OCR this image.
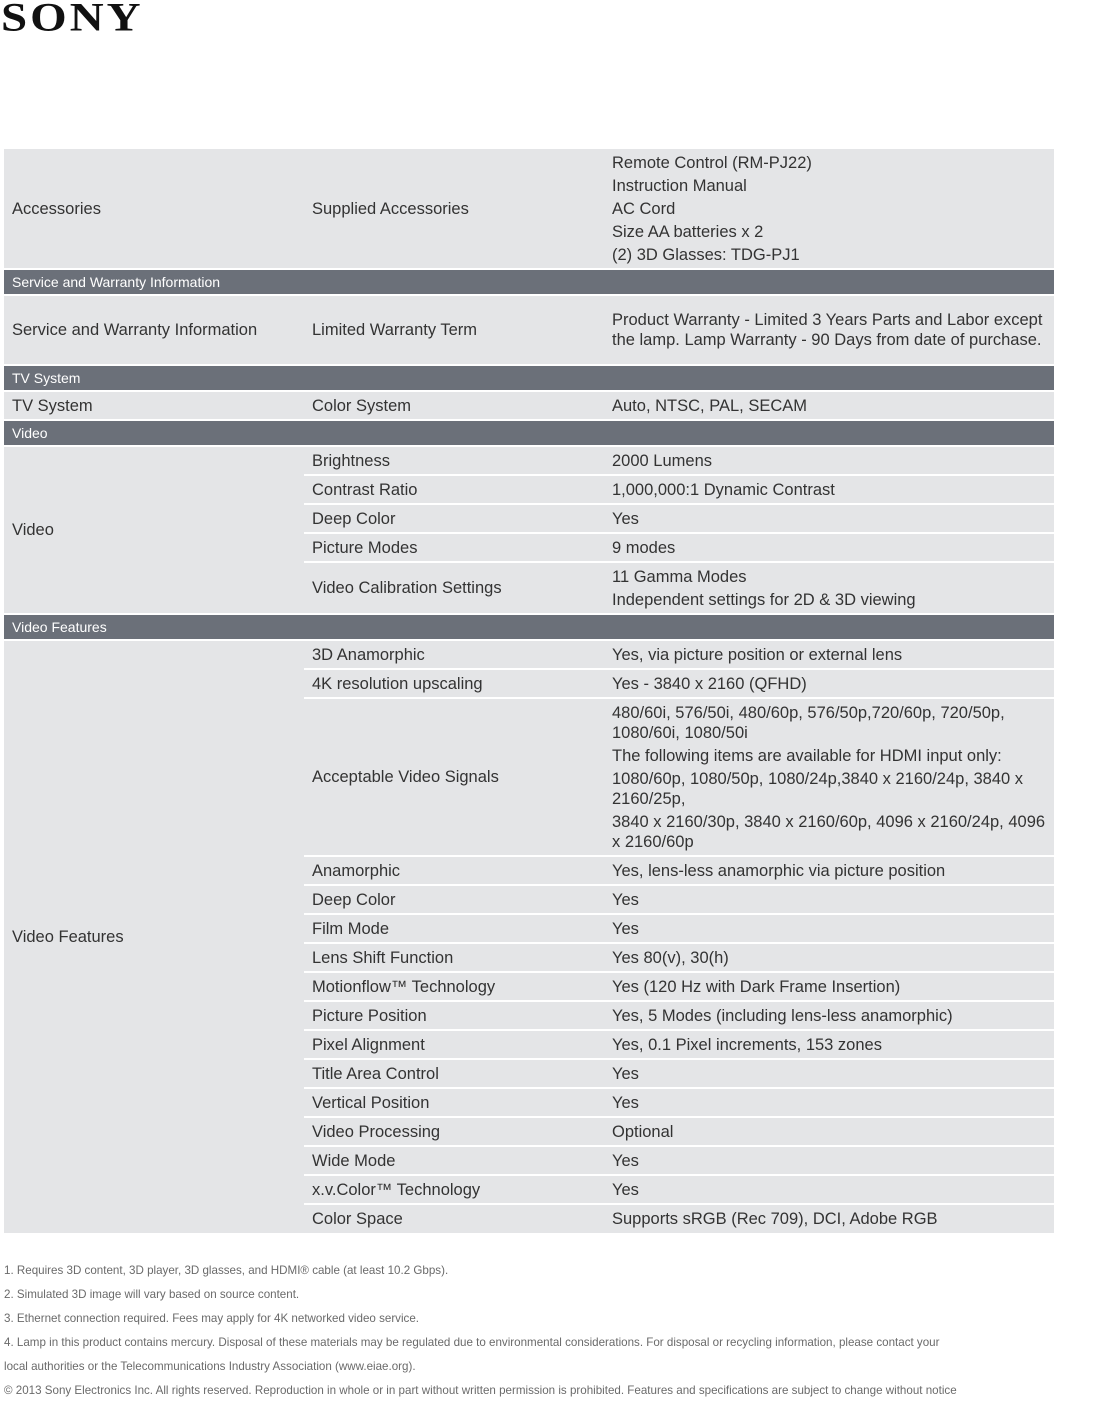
SONY
Accessories	Supplied Accessories	Remote Control (RM-PJ22)
Instruction Manual
AC Cord
Size AA batteries x 2
(2) 3D Glasses: TDG-PJ1

Service and Warranty Information		
Service and Warranty Information	Limited Warranty Term	Product Warranty - Limited 3 Years Parts and Labor except the lamp. Lamp Warranty - 90 Days from date of purchase.
TV System		
TV System	Color System	Auto, NTSC, PAL, SECAM
Video		
Video	Brightness	2000 Lumens
	Contrast Ratio	1,000,000:1 Dynamic Contrast
	Deep Color	Yes
	Picture Modes	9 modes
	Video Calibration Settings	11 Gamma Modes
Independent settings for 2D & 3D viewing

Video Features		
Video Features	3D Anamorphic	Yes, via picture position or external lens
	4K resolution upscaling	Yes - 3840 x 2160 (QFHD)
	Acceptable Video Signals	480/60i, 576/50i, 480/60p, 576/50p,720/60p, 720/50p, 1080/60i, 1080/50i
The following items are available for HDMI input only:
1080/60p, 1080/50p, 1080/24p,3840 x 2160/24p, 3840 x 2160/25p,
3840 x 2160/30p, 3840 x 2160/60p, 4096 x 2160/24p, 4096 x 2160/60p

	Anamorphic	Yes, lens-less anamorphic via picture position
	Deep Color	Yes
	Film Mode	Yes
	Lens Shift Function	Yes 80(v), 30(h)
	Motionflow™ Technology	Yes (120 Hz with Dark Frame Insertion)
	Picture Position	Yes, 5 Modes (including lens-less anamorphic)
	Pixel Alignment	Yes, 0.1 Pixel increments, 153 zones
	Title Area Control	Yes
	Vertical Position	Yes
	Video Processing	Optional
	Wide Mode	Yes
	x.v.Color™ Technology	Yes
	Color Space	Supports sRGB (Rec 709), DCI, Adobe RGB
1. Requires 3D content, 3D player, 3D glasses, and HDMI® cable (at least 10.2 Gbps).
2. Simulated 3D image will vary based on source content.
3. Ethernet connection required. Fees may apply for 4K networked video service.
4. Lamp in this product contains mercury. Disposal of these materials may be regulated due to environmental considerations. For disposal or recycling information, please contact your
local authorities or the Telecommunications Industry Association (www.eiae.org).
© 2013 Sony Electronics Inc. All rights reserved. Reproduction in whole or in part without written permission is prohibited. Features and specifications are subject to change without notice
